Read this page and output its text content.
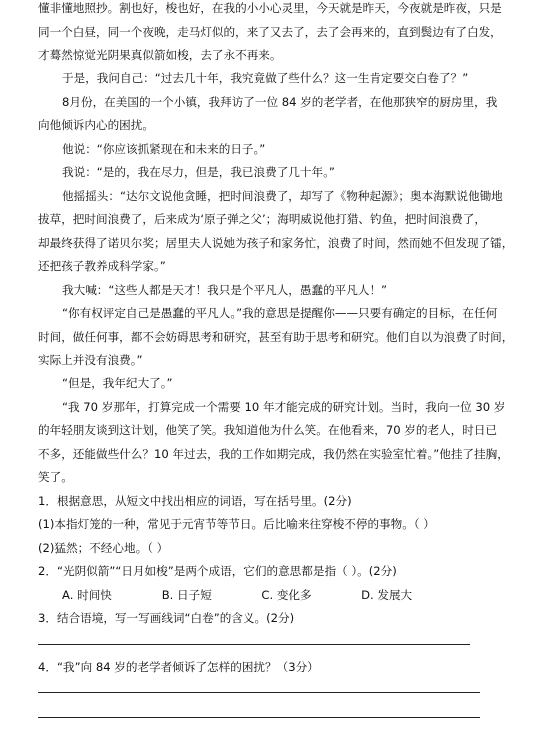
懂非懂地照抄。割也好，梭也好，在我的小小心灵里，今天就是昨天，今夜就是昨夜，只是
同一个白昼，同一个夜晚，走马灯似的，来了又去了，去了会再来的，直到鬓边有了白发，
才蓦然惊觉光阴果真似箭如梭，去了永不再来。
于是，我问自己：“过去几十年，我究竟做了些什么？这一生肯定要交白卷了？”
8月份，在美国的一个小镇，我拜访了一位 84 岁的老学者，在他那狭窄的厨房里，我
向他倾诉内心的困扰。
他说：“你应该抓紧现在和未来的日子。”
我说：“是的，我在尽力，但是，我已浪费了几十年。”
他摇摇头：“达尔文说他贪睡，把时间浪费了，却写了《物种起源》；奥本海默说他锄地
拔草，把时间浪费了，后来成为‘原子弹之父’；海明威说他打猎、钓鱼，把时间浪费了，
却最终获得了诺贝尔奖；居里夫人说她为孩子和家务忙，浪费了时间，然而她不但发现了镭，
还把孩子教养成科学家。”
我大喊：“这些人都是天才！我只是个平凡人，愚蠢的平凡人！”
“你有权评定自己是愚蠢的平凡人。”我的意思是提醒你——只要有确定的目标，在任何
时间，做任何事，都不会妨碍思考和研究，甚至有助于思考和研究。他们自以为浪费了时间，
实际上并没有浪费。”
“但是，我年纪大了。”
“我 70 岁那年，打算完成一个需要 10 年才能完成的研究计划。当时，我向一位 30 岁
的年轻朋友谈到这计划，他笑了笑。我知道他为什么笑。在他看来，70 岁的老人，时日已
不多，还能做些什么？10 年过去，我的工作如期完成，我仍然在实验室忙着。”他挂了挂胸，
笑了。
1．根据意思，从短文中找出相应的词语，写在括号里。(2分)
(1)本指灯笼的一种，常见于元宵节等节日。后比喻来往穿梭不停的事物。（ ）
(2)猛然；不经心地。（ ）
2．“光阴似箭”“日月如梭”是两个成语，它们的意思都是指（ ）。(2分)
A. 时间快	B. 日子短	C. 变化多	D. 发展大
3．结合语境，写一写画线词“白卷”的含义。(2分)
4．“我”向 84 岁的老学者倾诉了怎样的困扰？（3分）
